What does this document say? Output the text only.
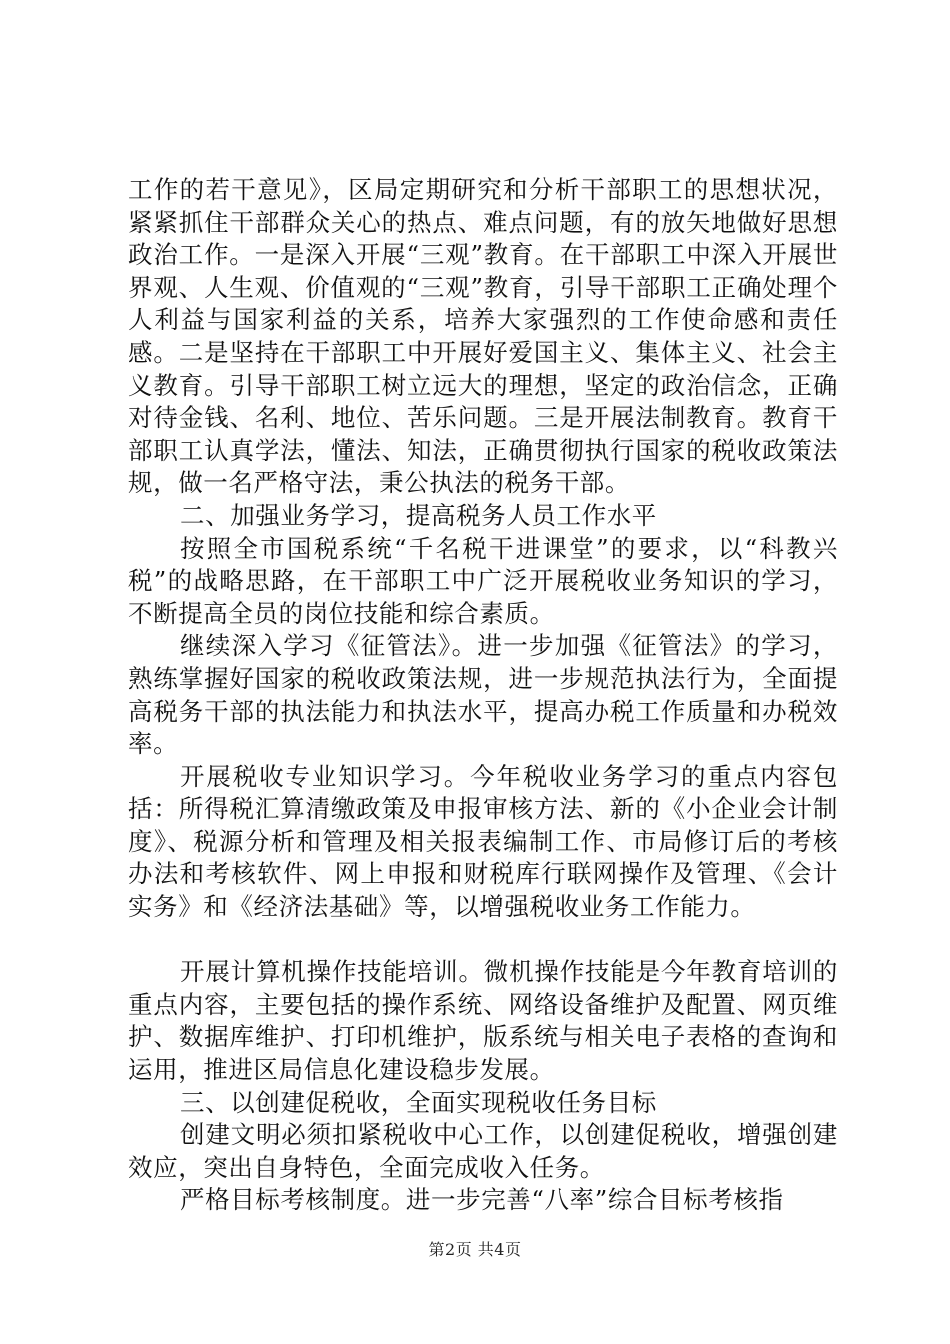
工作的若干意见》，区局定期研究和分析干部职工的思想状况，紧紧抓住干部群众关心的热点、难点问题，有的放矢地做好思想政治工作。一是深入开展“三观”教育。在干部职工中深入开展世界观、人生观、价值观的“三观”教育，引导干部职工正确处理个人利益与国家利益的关系，培养大家强烈的工作使命感和责任感。二是坚持在干部职工中开展好爱国主义、集体主义、社会主义教育。引导干部职工树立远大的理想，坚定的政治信念，正确对待金钱、名利、地位、苦乐问题。三是开展法制教育。教育干部职工认真学法，懂法、知法，正确贯彻执行国家的税收政策法规，做一名严格守法，秉公执法的税务干部。

二、加强业务学习，提高税务人员工作水平

按照全市国税系统“千名税干进课堂”的要求，以“科教兴税”的战略思路，在干部职工中广泛开展税收业务知识的学习，不断提高全员的岗位技能和综合素质。

继续深入学习《征管法》。进一步加强《征管法》的学习，熟练掌握好国家的税收政策法规，进一步规范执法行为，全面提高税务干部的执法能力和执法水平，提高办税工作质量和办税效率。

开展税收专业知识学习。今年税收业务学习的重点内容包括：所得税汇算清缴政策及申报审核方法、新的《小企业会计制度》、税源分析和管理及相关报表编制工作、市局修订后的考核办法和考核软件、网上申报和财税库行联网操作及管理、《会计实务》和《经济法基础》等，以增强税收业务工作能力。

开展计算机操作技能培训。微机操作技能是今年教育培训的重点内容，主要包括的操作系统、网络设备维护及配置、网页维护、数据库维护、打印机维护，版系统与相关电子表格的查询和运用，推进区局信息化建设稳步发展。

三、以创建促税收，全面实现税收任务目标

创建文明必须扣紧税收中心工作，以创建促税收，增强创建效应，突出自身特色，全面完成收入任务。

严格目标考核制度。进一步完善“八率”综合目标考核指

第2页 共4页
